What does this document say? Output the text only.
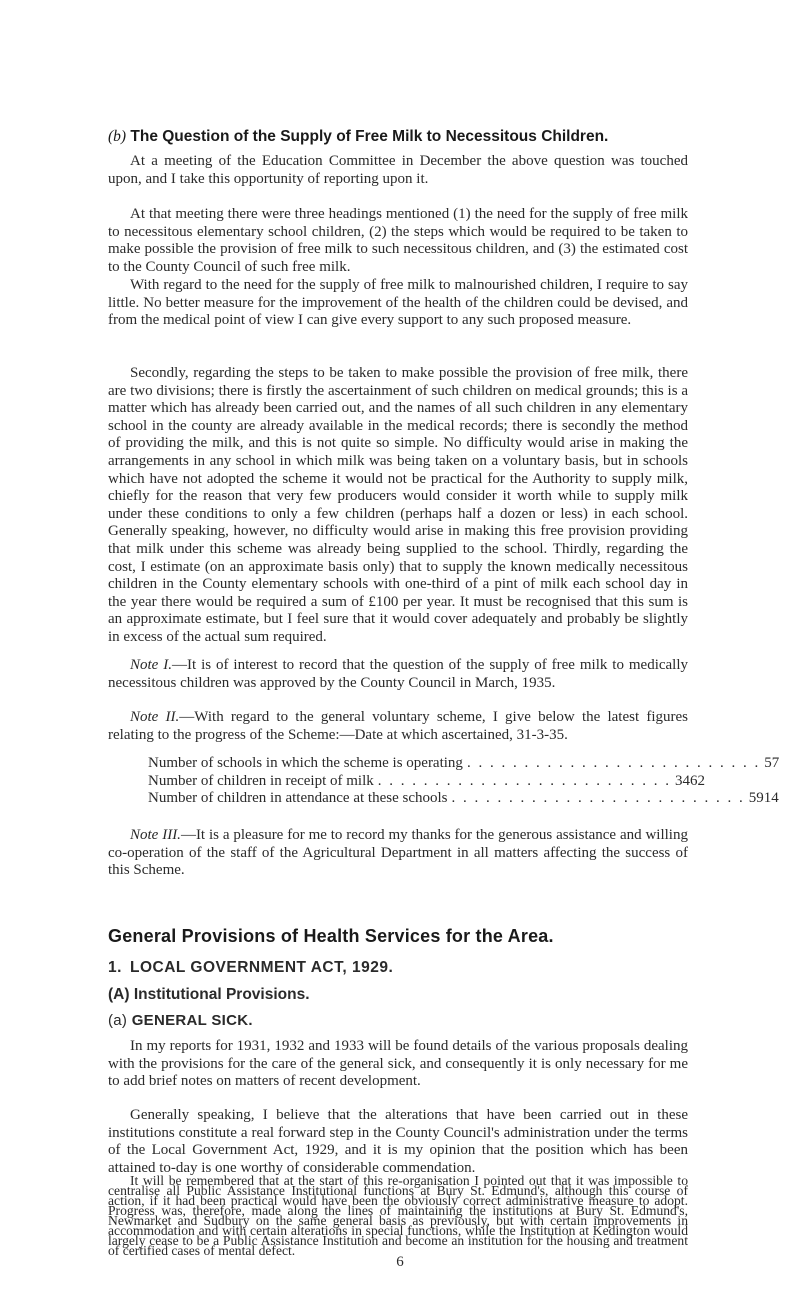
(b) The Question of the Supply of Free Milk to Necessitous Children.

At a meeting of the Education Committee in December the above question was touched upon, and I take this opportunity of reporting upon it.

At that meeting there were three headings mentioned (1) the need for the supply of free milk to necessitous elementary school children, (2) the steps which would be required to be taken to make possible the provision of free milk to such necessitous children, and (3) the estimated cost to the County Council of such free milk.

With regard to the need for the supply of free milk to malnourished children, I require to say little. No better measure for the improvement of the health of the children could be devised, and from the medical point of view I can give every support to any such proposed measure.

Secondly, regarding the steps to be taken to make possible the provision of free milk, there are two divisions; there is firstly the ascertainment of such children on medical grounds; this is a matter which has already been carried out, and the names of all such children in any elementary school in the county are already available in the medical records; there is secondly the method of providing the milk, and this is not quite so simple. No difficulty would arise in making the arrangements in any school in which milk was being taken on a voluntary basis, but in schools which have not adopted the scheme it would not be practical for the Authority to supply milk, chiefly for the reason that very few producers would consider it worth while to supply milk under these conditions to only a few children (perhaps half a dozen or less) in each school. Generally speaking, however, no difficulty would arise in making this free provision providing that milk under this scheme was already being supplied to the school. Thirdly, regarding the cost, I estimate (on an approximate basis only) that to supply the known medically necessitous children in the County elementary schools with one-third of a pint of milk each school day in the year there would be required a sum of £100 per year. It must be recognised that this sum is an approximate estimate, but I feel sure that it would cover adequately and probably be slightly in excess of the actual sum required.

Note I.—It is of interest to record that the question of the supply of free milk to medically necessitous children was approved by the County Council in March, 1935.

Note II.—With regard to the general voluntary scheme, I give below the latest figures relating to the progress of the Scheme:—Date at which ascertained, 31-3-35.

Number of schools in which the scheme is operating . . . . . . . . . . . . . . . . . . . . . . . . . . 57
Number of children in receipt of milk . . . . . . . . . . . . . . . . . . . . . . . . . . 3462
Number of children in attendance at these schools . . . . . . . . . . . . . . . . . . . . . . . . . . 5914

Note III.—It is a pleasure for me to record my thanks for the generous assistance and willing co-operation of the staff of the Agricultural Department in all matters affecting the success of this Scheme.

General Provisions of Health Services for the Area.
1. LOCAL GOVERNMENT ACT, 1929.
(A) Institutional Provisions.
(a) GENERAL SICK.

In my reports for 1931, 1932 and 1933 will be found details of the various proposals dealing with the provisions for the care of the general sick, and consequently it is only necessary for me to add brief notes on matters of recent development.

Generally speaking, I believe that the alterations that have been carried out in these institutions constitute a real forward step in the County Council's administration under the terms of the Local Government Act, 1929, and it is my opinion that the position which has been attained to-day is one worthy of considerable commendation.

It will be remembered that at the start of this re-organisation I pointed out that it was impossible to centralise all Public Assistance Institutional functions at Bury St. Edmund's, although this course of action, if it had been practical would have been the obviously correct administrative measure to adopt. Progress was, therefore, made along the lines of maintaining the institutions at Bury St. Edmund's, Newmarket and Sudbury on the same general basis as previously, but with certain improvements in accommodation and with certain alterations in special functions, while the Institution at Kedington would largely cease to be a Public Assistance Institution and become an institution for the housing and treatment of certified cases of mental defect.

6
